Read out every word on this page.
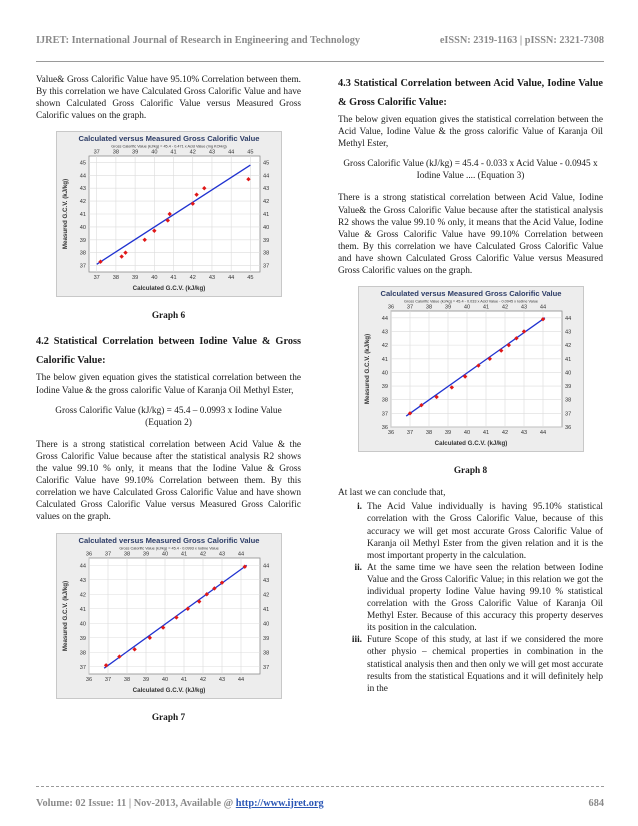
IJRET: International Journal of Research in Engineering and Technology	eISSN: 2319-1163 | pISSN: 2321-7308

Value& Gross Calorific Value have 95.10% Correlation between them. By this correlation we have Calculated Gross Calorific Value and have shown Calculated Gross Calorific Value versus Measured Gross Calorific values on the graph.

37
37
38
38
39
39
40
40
41
41
42
42
43
43
44
44
45
45
37	37
38	38
39	39
40	40
41	41
42	42
43	43
44	44
45	45
Calculated versus Measured Gross Calorific Value
Gross Calorific Value (kJ/kg) = 45.4 - 0.471 x Acid Value (mg KOH/g)
Calculated G.C.V. (kJ/kg)
Measured G.C.V. (kJ/kg)
Graph 6
4.2 Statistical Correlation between Iodine Value & Gross Calorific Value:

The below given equation gives the statistical correlation between the Iodine Value & the gross calorific Value of Karanja Oil Methyl Ester,

Gross Calorific Value (kJ/kg) = 45.4 – 0.0993 x Iodine Value (Equation 2)

There is a strong statistical correlation between Acid Value & the Gross Calorific Value because after the statistical analysis R2 shows the value 99.10 % only, it means that the Iodine Value & Gross Calorific Value have 99.10% Correlation between them. By this correlation we have Calculated Gross Calorific Value and have shown Calculated Gross Calorific Value versus Measured Gross Calorific values on the graph.

36
36
37
37
38
38
39
39
40
40
41
41
42
42
43
43
44
44
37	37
38	38
39	39
40	40
41	41
42	42
43	43
44	44
Calculated versus Measured Gross Calorific Value
Gross Calorific Value (kJ/kg) = 45.4 - 0.0993 x Iodine Value
Calculated G.C.V. (kJ/kg)
Measured G.C.V. (kJ/kg)
Graph 7
4.3 Statistical Correlation between Acid Value, Iodine Value & Gross Calorific Value:

The below given equation gives the statistical correlation between the Acid Value, Iodine Value & the gross calorific Value of Karanja Oil Methyl Ester,

Gross Calorific Value (kJ/kg) = 45.4 - 0.033 x Acid Value - 0.0945 x Iodine Value .... (Equation 3)

There is a strong statistical correlation between Acid Value, Iodine Value& the Gross Calorific Value because after the statistical analysis R2 shows the value 99.10 % only, it means that the Acid Value, Iodine Value & Gross Calorific Value have 99.10% Correlation between them. By this correlation we have Calculated Gross Calorific Value and have shown Calculated Gross Calorific Value versus Measured Gross Calorific values on the graph.

36
36
37
37
38
38
39
39
40
40
41
41
42
42
43
43
44
44
36	36
37	37
38	38
39	39
40	40
41	41
42	42
43	43
44	44
Calculated versus Measured Gross Calorific Value
Gross Calorific Value (kJ/kg) = 45.4 - 0.033 x Acid Value - 0.0945 x Iodine Value
Calculated G.C.V. (kJ/kg)
Measured G.C.V. (kJ/kg)
Graph 8

At last we can conclude that,

i. The Acid Value individually is having 95.10% statistical correlation with the Gross Calorific Value, because of this accuracy we will get most accurate Gross Calorific Value of Karanja oil Methyl Ester from the given relation and it is the most important property in the calculation.
ii. At the same time we have seen the relation between Iodine Value and the Gross Calorific Value; in this relation we got the individual property Iodine Value having 99.10 % statistical correlation with the Gross Calorific Value of Karanja Oil Methyl Ester. Because of this accuracy this property deserves its position in the calculation.
iii. Future Scope of this study, at last if we considered the more other physio – chemical properties in combination in the statistical analysis then and then only we will get most accurate results from the statistical Equations and it will definitely help in the
Volume: 02 Issue: 11 | Nov-2013, Available @ http://www.ijret.org	684
